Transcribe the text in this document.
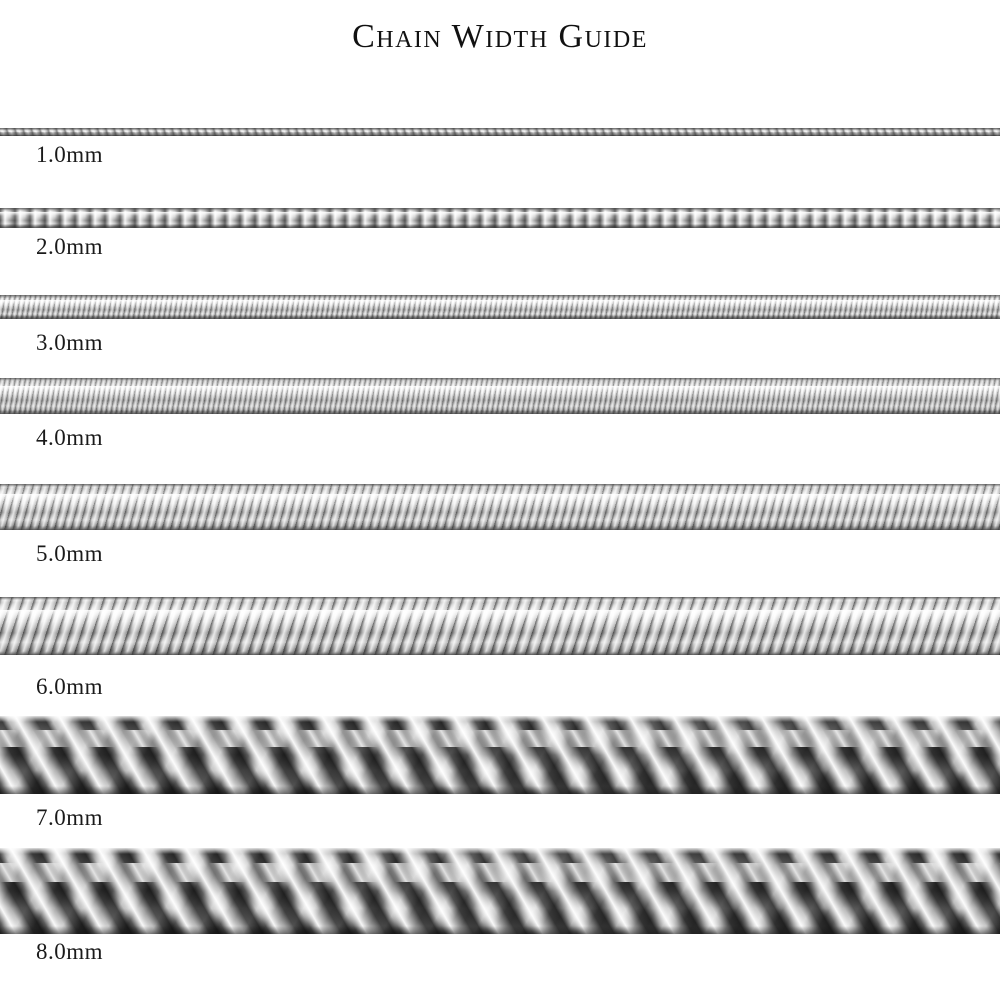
Chain Width Guide
1.0mm
2.0mm
3.0mm
4.0mm
5.0mm
6.0mm
7.0mm
8.0mm
